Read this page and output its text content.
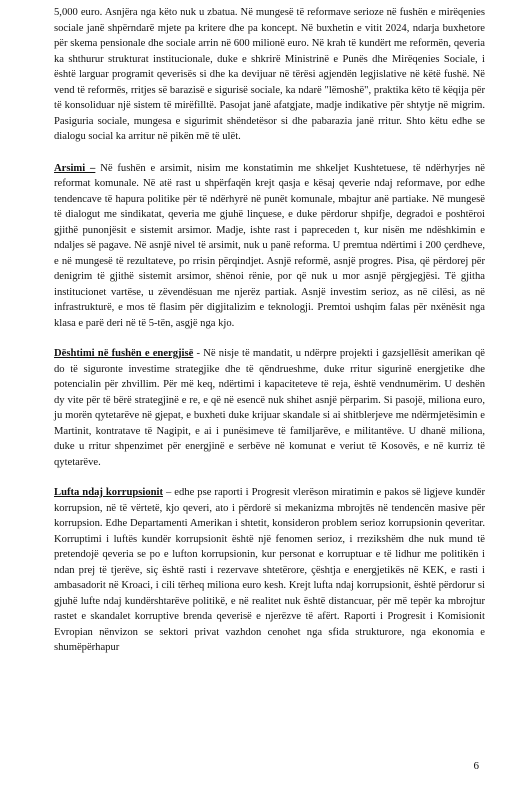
5,000 euro. Asnjëra nga këto nuk u zbatua. Në mungesë të reformave serioze në fushën e mirëqenies sociale janë shpërndarë mjete pa kritere dhe pa koncept. Në buxhetin e vitit 2024, ndarja buxhetore për skema pensionale dhe sociale arrin në 600 milionë euro. Në krah të kundërt me reformën, qeveria ka shthurur strukturat institucionale, duke e shkrirë Ministrinë e Punës dhe Mirëqenies Sociale, i është larguar programit qeverisës si dhe ka devijuar në tërësi agjendën legjislative në këtë fushë. Në vend të reformës, rritjes së barazisë e sigurisë sociale, ka ndarë "lëmoshë", praktika këto të këqija për të konsoliduar një sistem të mirëfilltë. Pasojat janë afatgjate, madje indikative për shtytje në migrim. Pasiguria sociale, mungesa e sigurimit shëndetësor si dhe pabarazia janë rritur. Shto këtu edhe se dialogu social ka arritur në pikën më të ulët.

Arsimi – Në fushën e arsimit, nisim me konstatimin me shkeljet Kushtetuese, të ndërhyrjes në reformat komunale. Në atë rast u shpërfaqën krejt qasja e kësaj qeverie ndaj reformave, por edhe tendencave të hapura politike për të ndërhyrë në punët komunale, mbajtur anë partiake. Në mungesë të dialogut me sindikatat, qeveria me gjuhë linçuese, e duke përdorur shpifje, degradoi e poshtëroi gjithë punonjësit e sistemit arsimor. Madje, ishte rast i papreceden t, kur nisën me ndëshkimin e ndaljes së pagave. Në asnjë nivel të arsimit, nuk u panë reforma. U premtua ndërtimi i 200 çerdheve, e në mungesë të rezultateve, po rrisin përqindjet. Asnjë reformë, asnjë progres. Pisa, që përdorej për denigrim të gjithë sistemit arsimor, shënoi rënie, por që nuk u mor asnjë përgjegjësi. Të gjitha institucionet vartëse, u zëvendësuan me njerëz partiak. Asnjë investim serioz, as në cilësi, as në infrastrukturë, e mos të flasim për digjitalizim e teknologji. Premtoi ushqim falas për nxënësit nga klasa e parë deri në të 5-tën, asgjë nga kjo.

Dështimi në fushën e energjisë - Në nisje të mandatit, u ndërpre projekti i gazsjellësit amerikan që do të siguronte investime strategjike dhe të qëndrueshme, duke rritur sigurinë energjetike dhe potencialin për zhvillim. Për më keq, ndërtimi i kapaciteteve të reja, është vendnumërim. U deshën dy vite për të bërë strategjinë e re, e që në esencë nuk shihet asnjë përparim. Si pasojë, miliona euro, ju morën qytetarëve në gjepat, e buxheti duke krijuar skandale si ai shitblerjeve me ndërmjetësimin e Martinit, kontratave të Nagipit, e ai i punësimeve të familjarëve, e militantëve. U dhanë miliona, duke u rritur shpenzimet për energjinë e serbëve në komunat e veriut të Kosovës, e në kurriz të qytetarëve.

Lufta ndaj korrupsionit – edhe pse raporti i Progresit vlerëson miratimin e pakos së ligjeve kundër korrupsion, në të vërtetë, kjo qeveri, ato i përdorë si mekanizma mbrojtës në tendencën masive për korrupsion. Edhe Departamenti Amerikan i shtetit, konsideron problem serioz korrupsionin qeveritar. Korruptimi i luftës kundër korrupsionit është një fenomen serioz, i rrezikshëm dhe nuk mund të pretendojë qeveria se po e lufton korrupsionin, kur personat e korruptuar e të lidhur me politikën i ndan prej të tjerëve, siç është rasti i rezervave shtetërore, çështja e energjetikës në KEK, e rasti i ambasadorit në Kroaci, i cili tërheq miliona euro kesh. Krejt lufta ndaj korrupsionit, është përdorur si gjuhë lufte ndaj kundërshtarëve politikë, e në realitet nuk është distancuar, për më tepër ka mbrojtur rastet e skandalet korruptive brenda qeverisë e njerëzve të afërt. Raporti i Progresit i Komisionit Evropian nënvizon se sektori privat vazhdon cenohet nga sfida strukturore, nga ekonomia e shumëpërhapur

6
